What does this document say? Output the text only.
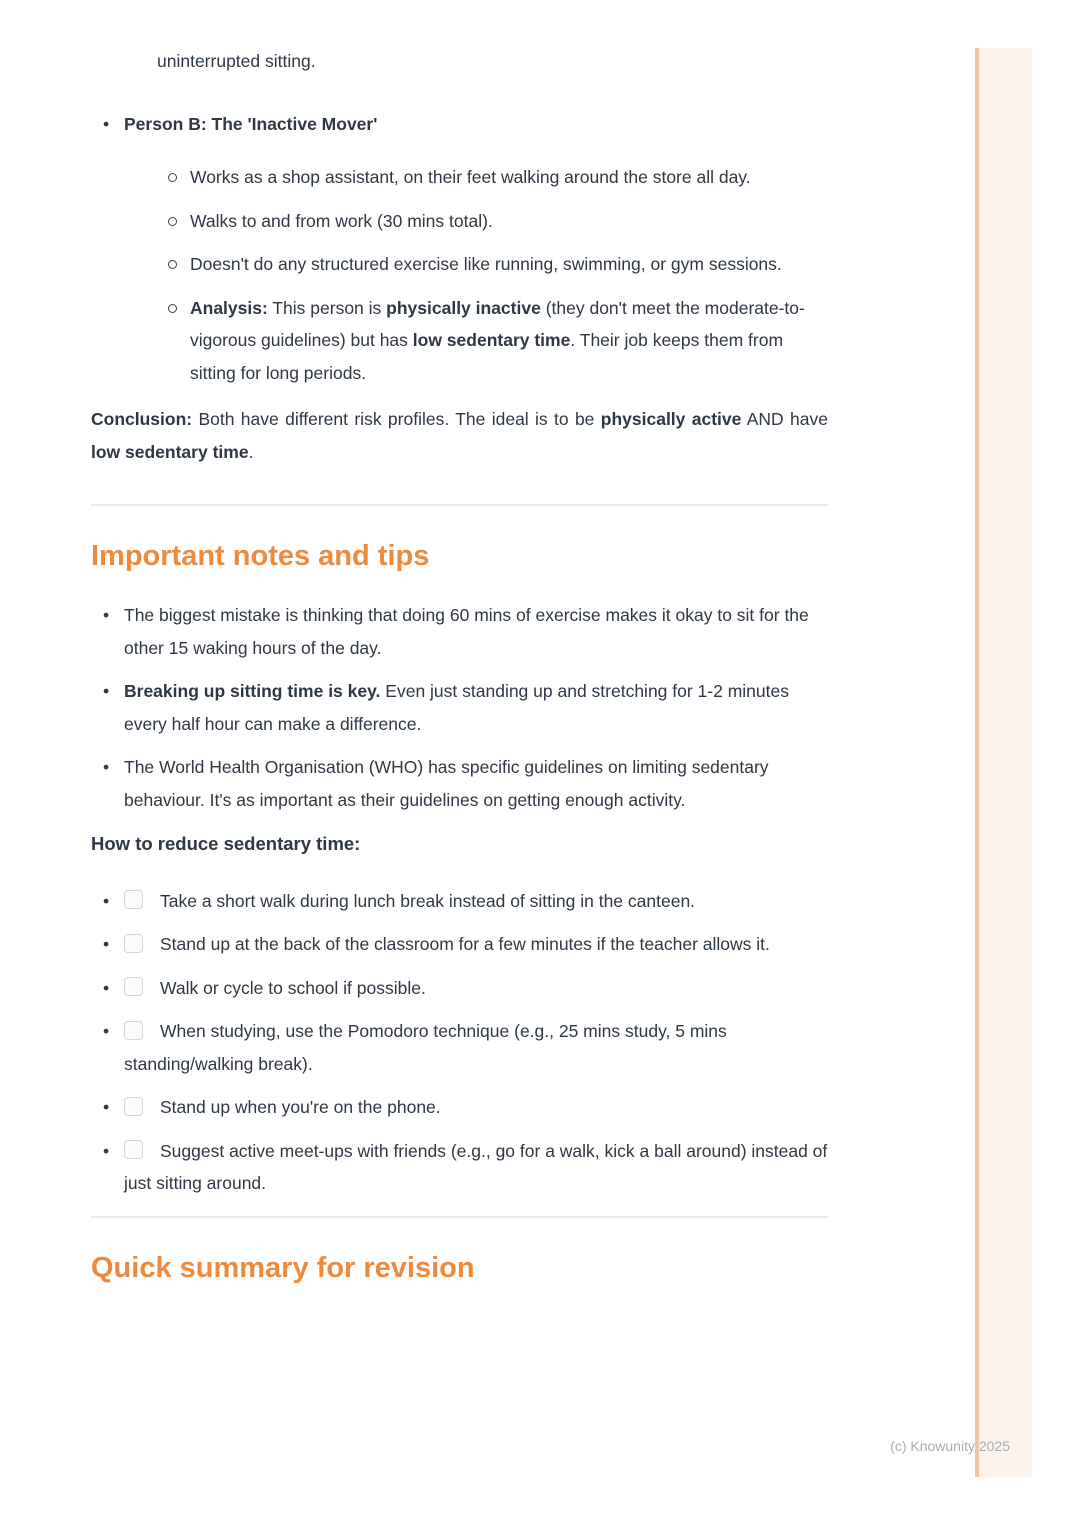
uninterrupted sitting.

• Person B: The 'Inactive Mover'
Works as a shop assistant, on their feet walking around the store all day.
Walks to and from work (30 mins total).
Doesn't do any structured exercise like running, swimming, or gym sessions.
Analysis: This person is physically inactive (they don't meet the moderate-to-vigorous guidelines) but has low sedentary time. Their job keeps them from sitting for long periods.

Conclusion: Both have different risk profiles. The ideal is to be physically active AND have low sedentary time.

Important notes and tips
• The biggest mistake is thinking that doing 60 mins of exercise makes it okay to sit for the other 15 waking hours of the day.
• Breaking up sitting time is key. Even just standing up and stretching for 1-2 minutes every half hour can make a difference.
• The World Health Organisation (WHO) has specific guidelines on limiting sedentary behaviour. It's as important as their guidelines on getting enough activity.
How to reduce sedentary time:
• Take a short walk during lunch break instead of sitting in the canteen.
• Stand up at the back of the classroom for a few minutes if the teacher allows it.
• Walk or cycle to school if possible.
• When studying, use the Pomodoro technique (e.g., 25 mins study, 5 mins standing/walking break).
• Stand up when you're on the phone.
• Suggest active meet-ups with friends (e.g., go for a walk, kick a ball around) instead of just sitting around.
Quick summary for revision
(c) Knowunity 2025
